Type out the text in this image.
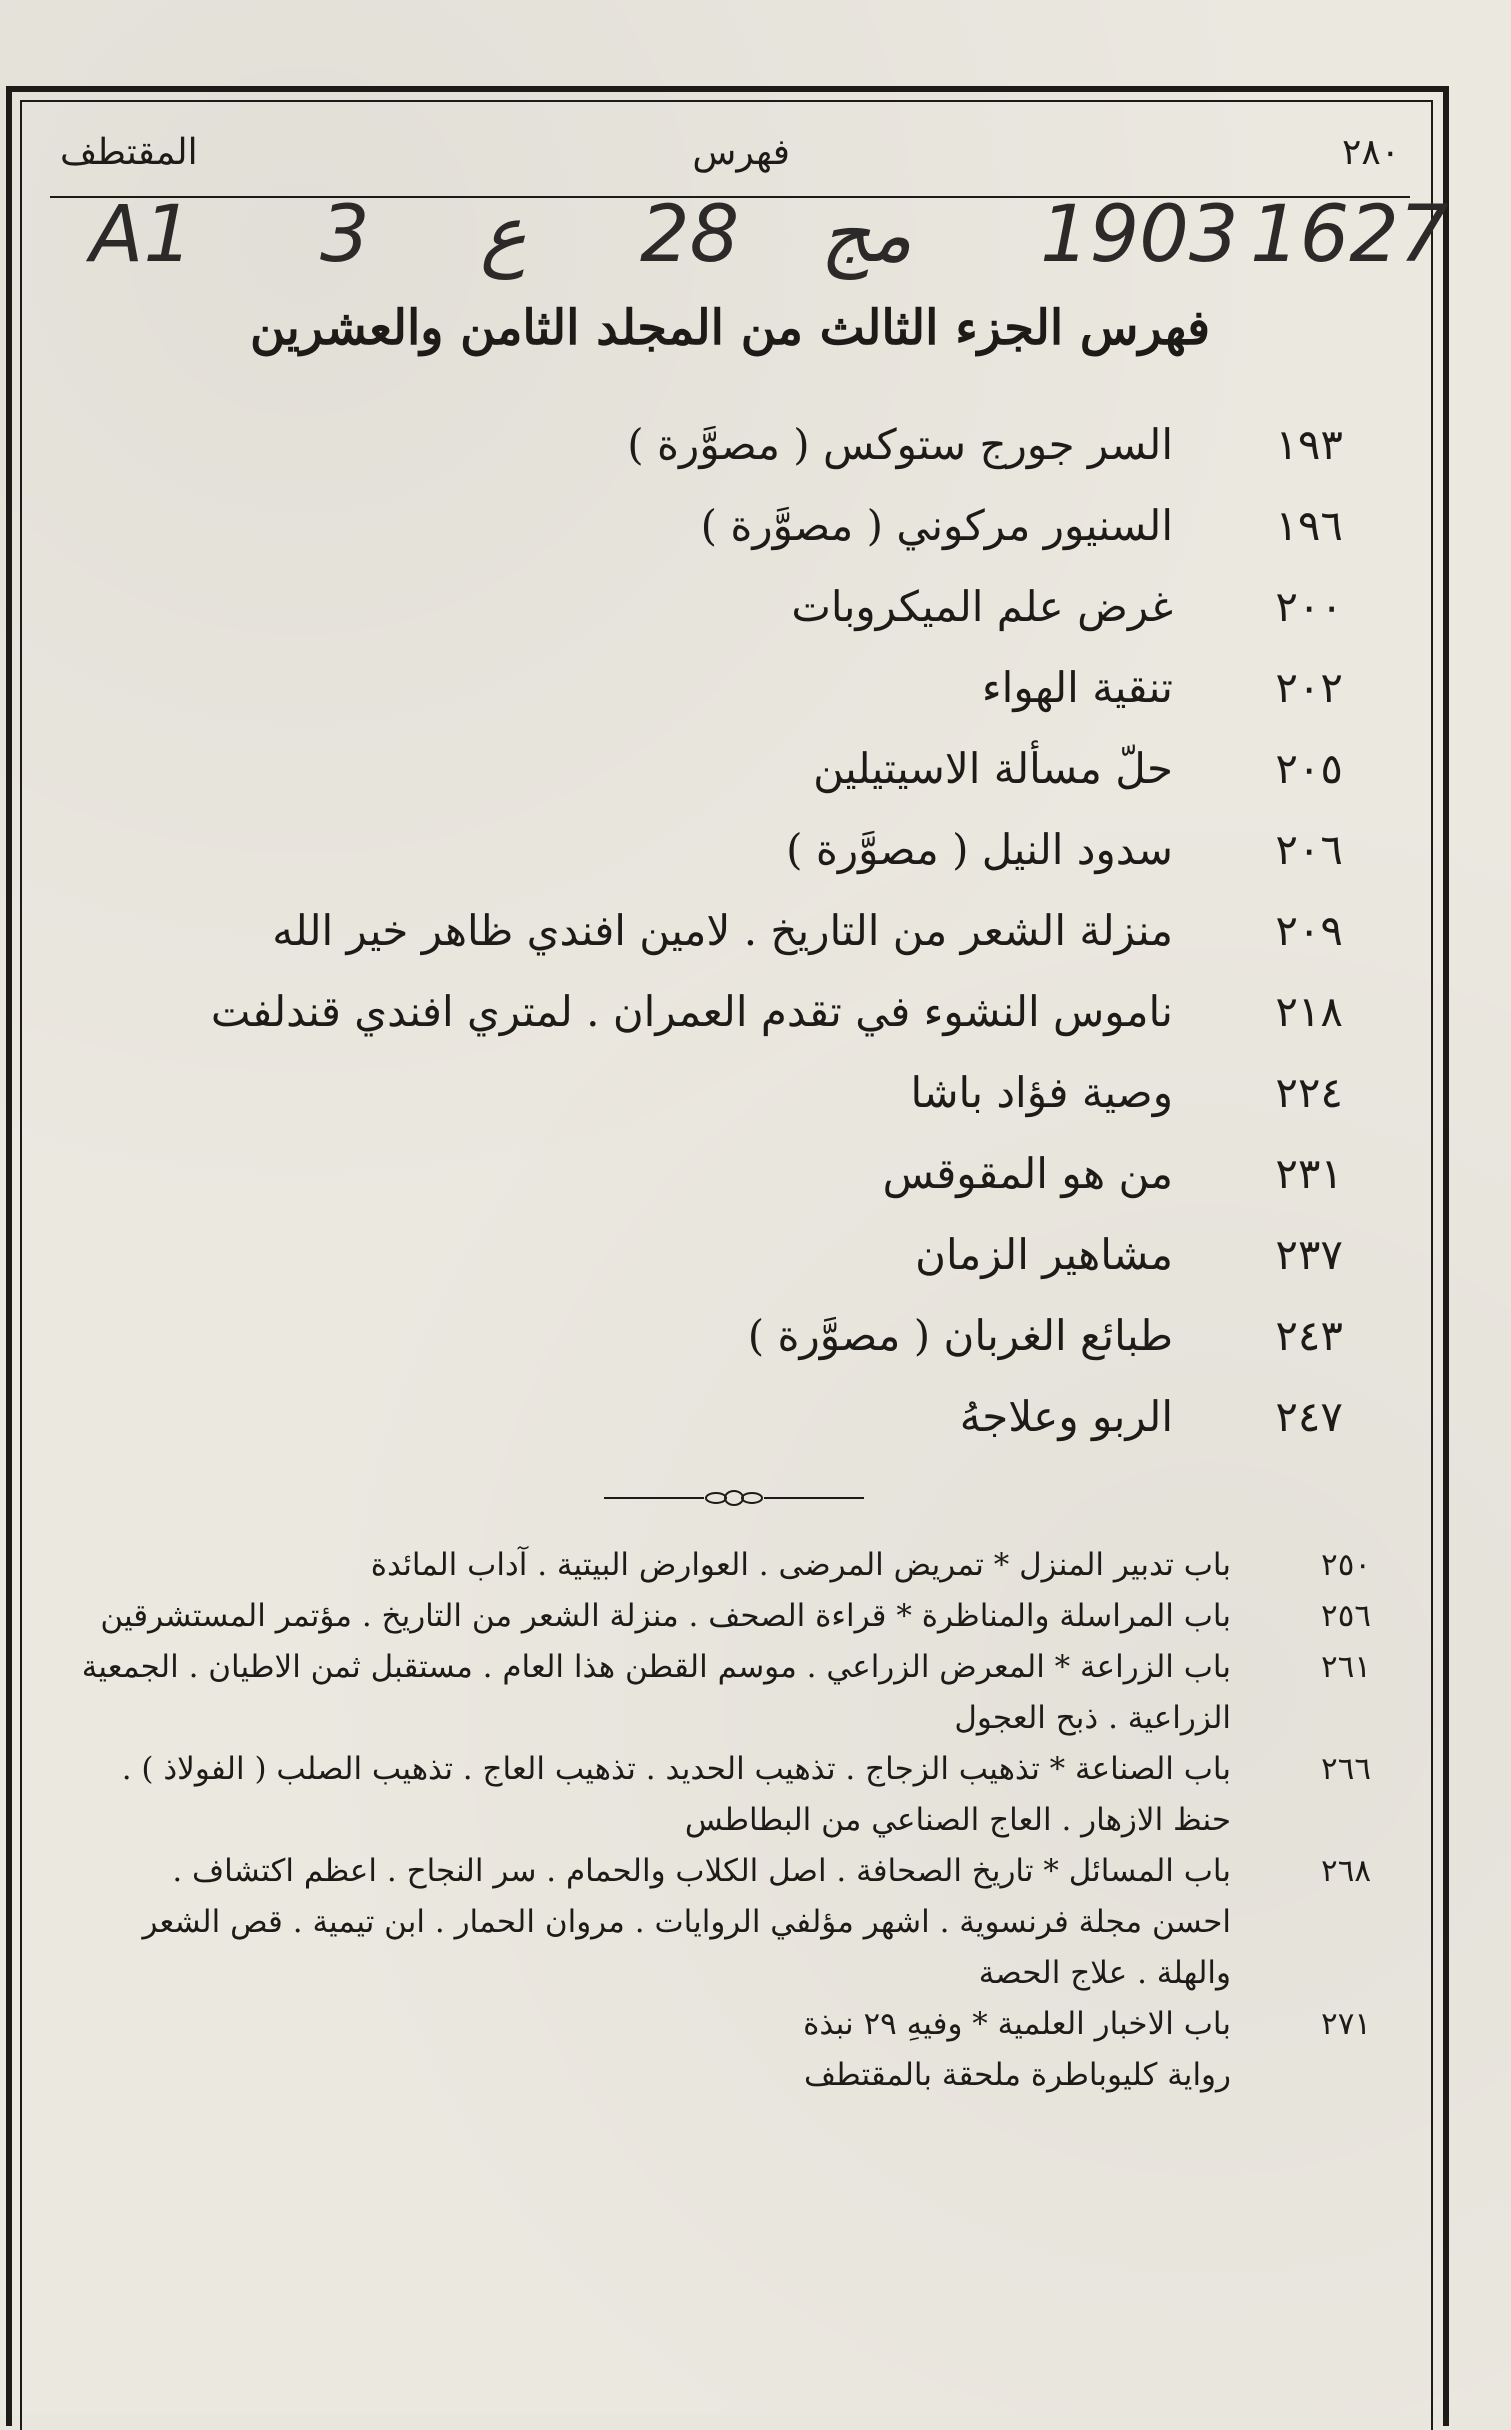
٢٨٠
فهرس
المقتطف
A1 3 ع 28 مج 1903 1627
فهرس الجزء الثالث من المجلد الثامن والعشرين
١٩٣
السر جورج ستوكس ( مصوَّرة )
١٩٦
السنيور مركوني ( مصوَّرة )
٢٠٠
غرض علم الميكروبات
٢٠٢
تنقية الهواء
٢٠٥
حلّ مسألة الاسيتيلين
٢٠٦
سدود النيل ( مصوَّرة )
٢٠٩
منزلة الشعر من التاريخ . لامين افندي ظاهر خير الله
٢١٨
ناموس النشوء في تقدم العمران . لمتري افندي قندلفت
٢٢٤
وصية فؤاد باشا
٢٣١
من هو المقوقس
٢٣٧
مشاهير الزمان
٢٤٣
طبائع الغربان ( مصوَّرة )
٢٤٧
الربو وعلاجهُ
٢٥٠
باب تدبير المنزل * تمريض المرضى . العوارض البيتية . آداب المائدة
٢٥٦
باب المراسلة والمناظرة * قراءة الصحف . منزلة الشعر من التاريخ . مؤتمر المستشرقين
٢٦١
باب الزراعة * المعرض الزراعي . موسم القطن هذا العام . مستقبل ثمن الاطيان . الجمعية
الزراعية . ذبح العجول
٢٦٦
باب الصناعة * تذهيب الزجاج . تذهيب الحديد . تذهيب العاج . تذهيب الصلب ( الفولاذ ) .
حنظ الازهار . العاج الصناعي من البطاطس
٢٦٨
باب المسائل * تاريخ الصحافة . اصل الكلاب والحمام . سر النجاح . اعظم اكتشاف .
احسن مجلة فرنسوية . اشهر مؤلفي الروايات . مروان الحمار . ابن تيمية . قص الشعر
والهلة . علاج الحصة
٢٧١
باب الاخبار العلمية * وفيهِ ٢٩ نبذة
رواية كليوباطرة ملحقة بالمقتطف
